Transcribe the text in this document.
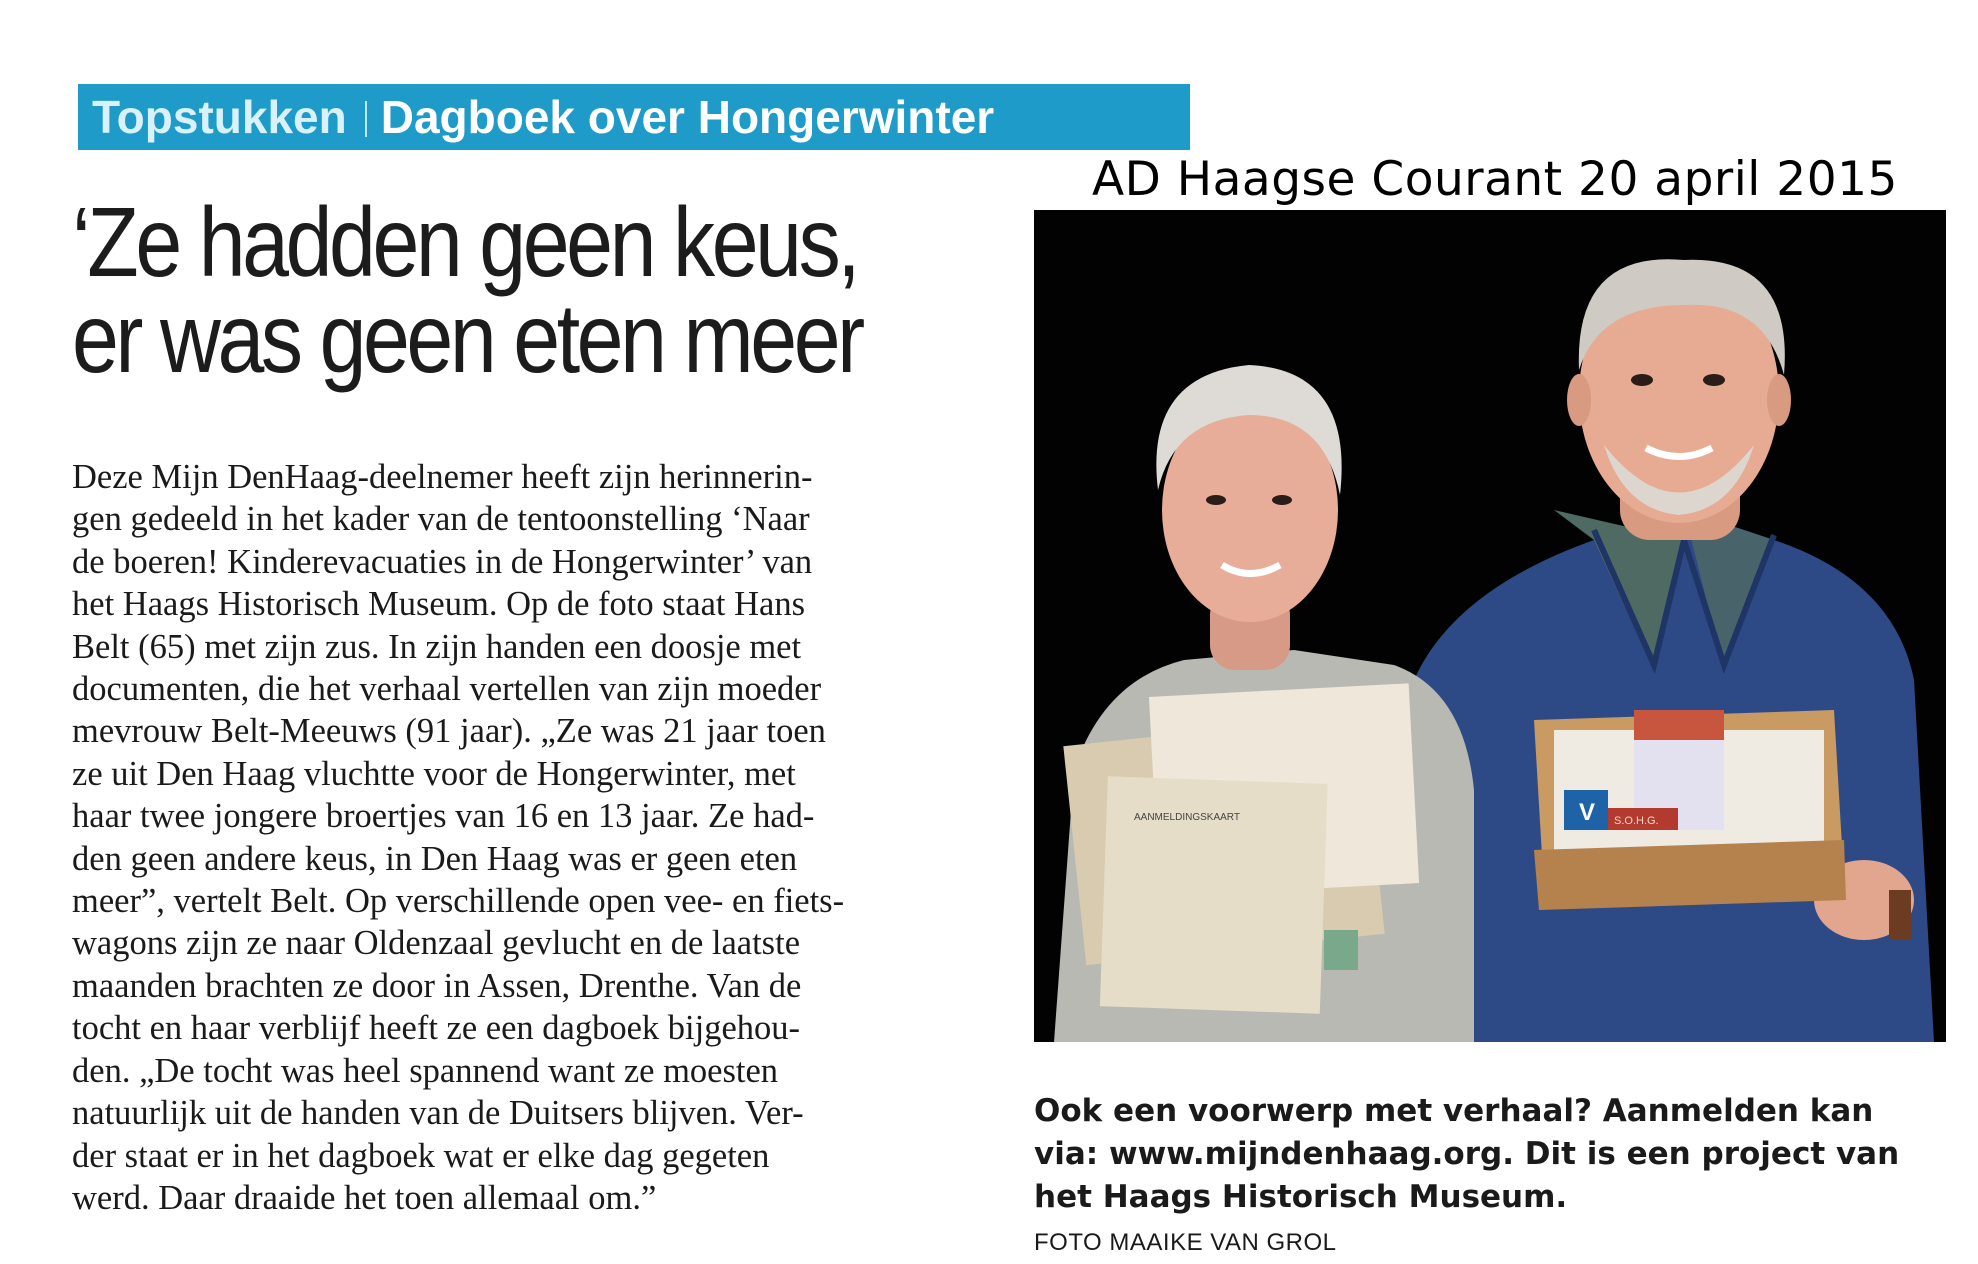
Topstukken Dagboek over Hongerwinter
AD Haagse Courant 20 april 2015
‘Ze hadden geen keus,
er was geen eten meer
Deze Mijn DenHaag-deelnemer heeft zijn herinnerin-
gen gedeeld in het kader van de tentoonstelling ‘Naar
de boeren! Kinderevacuaties in de Hongerwinter’ van
het Haags Historisch Museum. Op de foto staat Hans
Belt (65) met zijn zus. In zijn handen een doosje met
documenten, die het verhaal vertellen van zijn moeder
mevrouw Belt-Meeuws (91 jaar). „Ze was 21 jaar toen
ze uit Den Haag vluchtte voor de Hongerwinter, met
haar twee jongere broertjes van 16 en 13 jaar. Ze had-
den geen andere keus, in Den Haag was er geen eten
meer”, vertelt Belt. Op verschillende open vee- en fiets-
wagons zijn ze naar Oldenzaal gevlucht en de laatste
maanden brachten ze door in Assen, Drenthe. Van de
tocht en haar verblijf heeft ze een dagboek bijgehou-
den. „De tocht was heel spannend want ze moesten
natuurlijk uit de handen van de Duitsers blijven. Ver-
der staat er in het dagboek wat er elke dag gegeten
werd. Daar draaide het toen allemaal om.”
AANMELDINGSKAART	V S.O.H.G.
Ook een voorwerp met verhaal? Aanmelden kan
via: www.mijndenhaag.org. Dit is een project van
het Haags Historisch Museum.
FOTO MAAIKE VAN GROL
